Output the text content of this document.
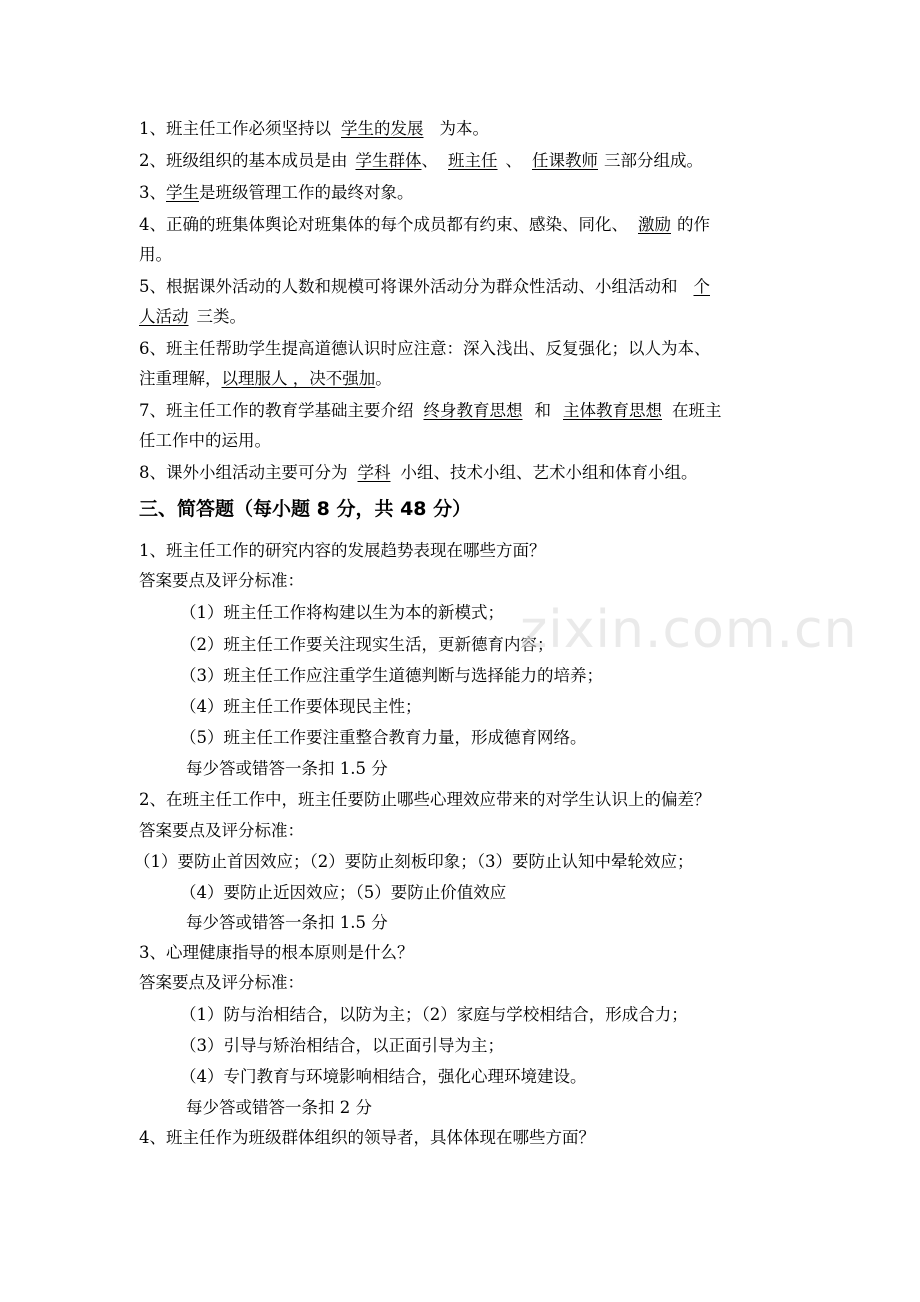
1、班主任工作必须坚持以 学生的发展 为本。
2、班级组织的基本成员是由 学生群体、 班主任 、 任课教师 三部分组成。
3、学生是班级管理工作的最终对象。
4、正确的班集体舆论对班集体的每个成员都有约束、感染、同化、 激励 的作
用。
5、根据课外活动的人数和规模可将课外活动分为群众性活动、小组活动和 个
人活动 三类。
6、班主任帮助学生提高道德认识时应注意：深入浅出、反复强化；以人为本、
注重理解，以理服人 ，决不强加。
7、班主任工作的教育学基础主要介绍 终身教育思想 和 主体教育思想 在班主
任工作中的运用。
8、课外小组活动主要可分为 学科 小组、技术小组、艺术小组和体育小组。
三、简答题（每小题 8 分，共 48 分）
1、班主任工作的研究内容的发展趋势表现在哪些方面？
答案要点及评分标准：
（1）班主任工作将构建以生为本的新模式；
（2）班主任工作要关注现实生活，更新德育内容；
（3）班主任工作应注重学生道德判断与选择能力的培养；
（4）班主任工作要体现民主性；
（5）班主任工作要注重整合教育力量，形成德育网络。
每少答或错答一条扣 1.5 分
2、在班主任工作中，班主任要防止哪些心理效应带来的对学生认识上的偏差？
答案要点及评分标准：
（1）要防止首因效应；（2）要防止刻板印象；（3）要防止认知中晕轮效应；
（4）要防止近因效应；（5）要防止价值效应
每少答或错答一条扣 1.5 分
3、心理健康指导的根本原则是什么？
答案要点及评分标准：
（1）防与治相结合，以防为主；（2）家庭与学校相结合，形成合力；
（3）引导与矫治相结合，以正面引导为主；
（4）专门教育与环境影响相结合，强化心理环境建设。
每少答或错答一条扣 2 分
4、班主任作为班级群体组织的领导者，具体体现在哪些方面？
zixin.com.cn
